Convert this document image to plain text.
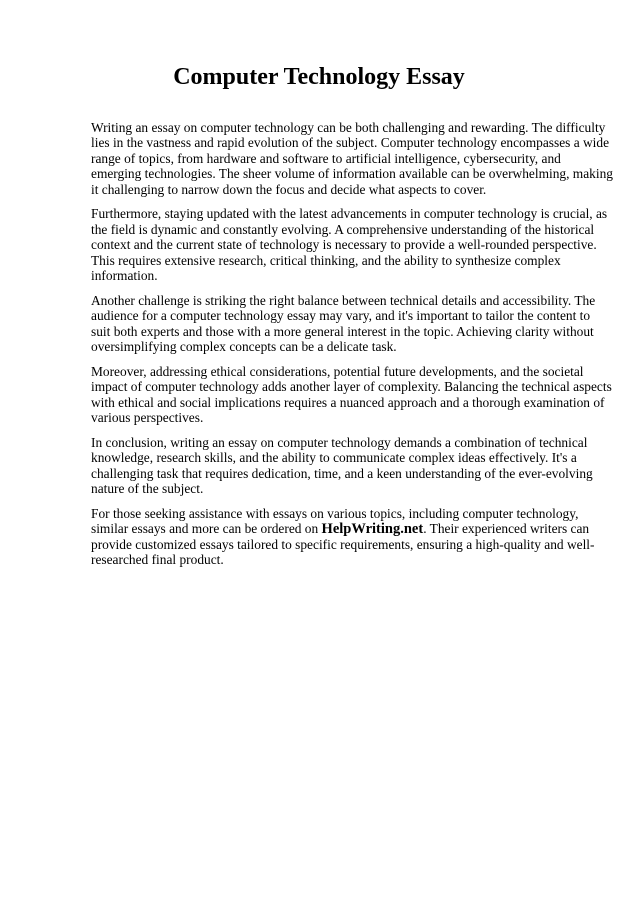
Computer Technology Essay

Writing an essay on computer technology can be both challenging and rewarding. The difficulty
lies in the vastness and rapid evolution of the subject. Computer technology encompasses a wide
range of topics, from hardware and software to artificial intelligence, cybersecurity, and
emerging technologies. The sheer volume of information available can be overwhelming, making
it challenging to narrow down the focus and decide what aspects to cover.

Furthermore, staying updated with the latest advancements in computer technology is crucial, as
the field is dynamic and constantly evolving. A comprehensive understanding of the historical
context and the current state of technology is necessary to provide a well-rounded perspective.
This requires extensive research, critical thinking, and the ability to synthesize complex
information.

Another challenge is striking the right balance between technical details and accessibility. The
audience for a computer technology essay may vary, and it's important to tailor the content to
suit both experts and those with a more general interest in the topic. Achieving clarity without
oversimplifying complex concepts can be a delicate task.

Moreover, addressing ethical considerations, potential future developments, and the societal
impact of computer technology adds another layer of complexity. Balancing the technical aspects
with ethical and social implications requires a nuanced approach and a thorough examination of
various perspectives.

In conclusion, writing an essay on computer technology demands a combination of technical
knowledge, research skills, and the ability to communicate complex ideas effectively. It's a
challenging task that requires dedication, time, and a keen understanding of the ever-evolving
nature of the subject.

For those seeking assistance with essays on various topics, including computer technology,
similar essays and more can be ordered on HelpWriting.net. Their experienced writers can
provide customized essays tailored to specific requirements, ensuring a high-quality and well-
researched final product.
